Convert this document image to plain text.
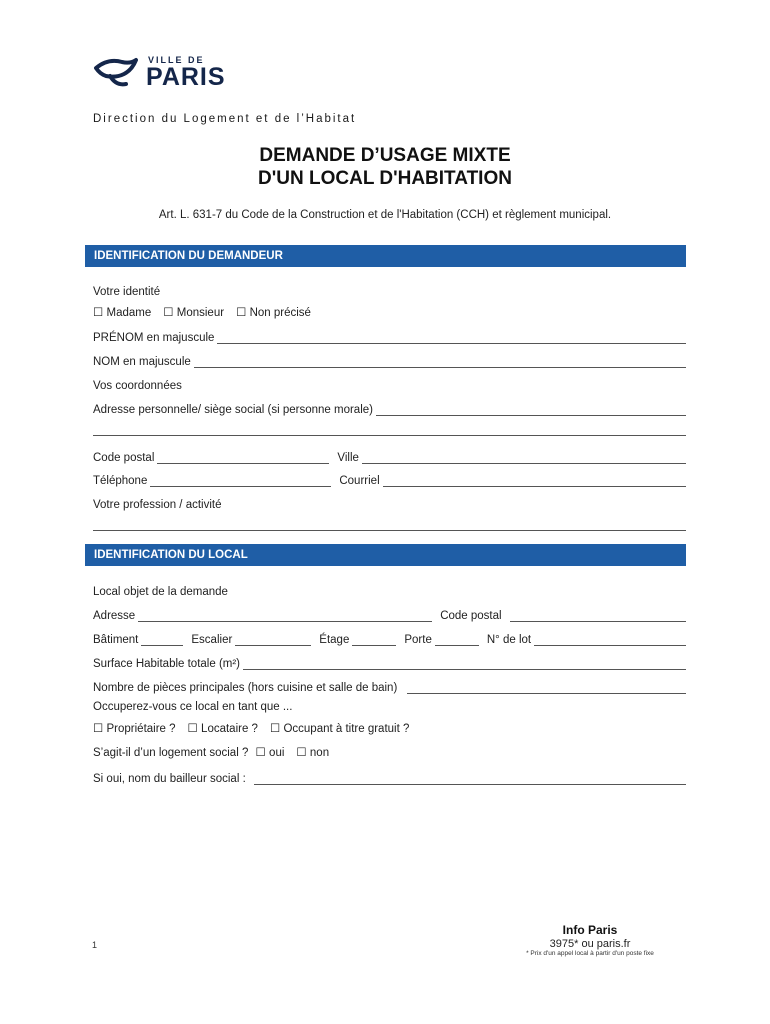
VILLE DE
PARIS
Direction du Logement et de l’Habitat
DEMANDE D’USAGE MIXTE
D'UN LOCAL D'HABITATION
Art. L. 631-7 du Code de la Construction et de l'Habitation (CCH) et règlement municipal.
IDENTIFICATION DU DEMANDEUR
Votre identité
☐ Madame ☐ Monsieur ☐ Non précisé
PRÉNOM en majuscule
NOM en majuscule
Vos coordonnées
Adresse personnelle/ siège social (si personne morale)
Code postal	Ville
Téléphone	Courriel
Votre profession / activité
IDENTIFICATION DU LOCAL
Local objet de la demande
Adresse	Code postal
Bâtiment	Escalier	Étage	Porte	N° de lot
Surface Habitable totale (m²)
Nombre de pièces principales (hors cuisine et salle de bain)
Occuperez-vous ce local en tant que ...
☐ Propriétaire ? ☐ Locataire ? ☐ Occupant à titre gratuit ?
S’agit-il d’un logement social ? ☐ oui ☐ non
Si oui, nom du bailleur social :
1
Info Paris
3975* ou paris.fr
* Prix d'un appel local à partir d'un poste fixe
